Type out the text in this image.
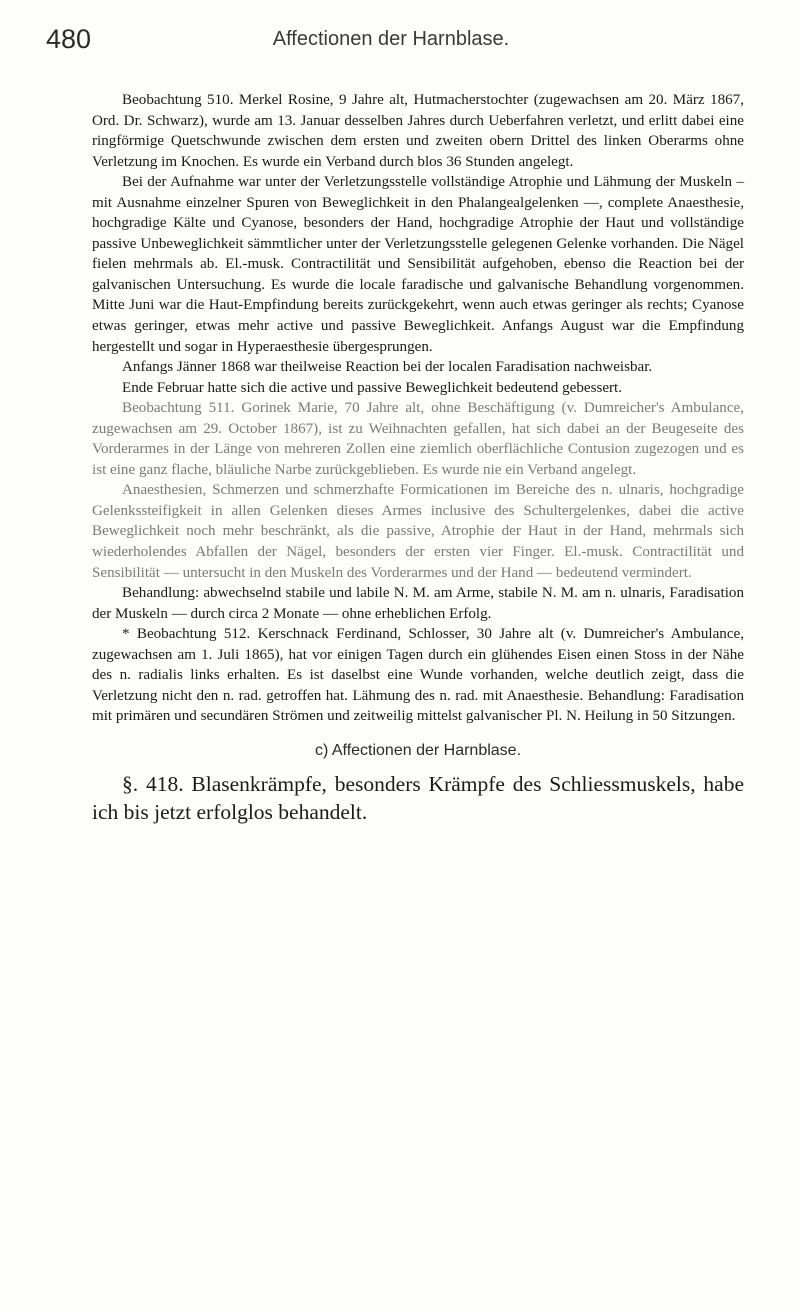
480	Affectionen der Harnblase.

Beobachtung 510. Merkel Rosine, 9 Jahre alt, Hutmacherstochter (zugewachsen am 20. März 1867, Ord. Dr. Schwarz), wurde am 13. Januar desselben Jahres durch Ueberfahren verletzt, und erlitt dabei eine ringförmige Quetschwunde zwischen dem ersten und zweiten obern Drittel des linken Oberarms ohne Verletzung im Knochen. Es wurde ein Verband durch blos 36 Stunden angelegt.

Bei der Aufnahme war unter der Verletzungsstelle vollständige Atrophie und Lähmung der Muskeln – mit Ausnahme einzelner Spuren von Beweglichkeit in den Phalangealgelenken —, complete Anaesthesie, hochgradige Kälte und Cyanose, besonders der Hand, hochgradige Atrophie der Haut und vollständige passive Unbeweglichkeit sämmtlicher unter der Verletzungsstelle gelegenen Gelenke vorhanden. Die Nägel fielen mehrmals ab. El.-musk. Contractilität und Sensibilität aufgehoben, ebenso die Reaction bei der galvanischen Untersuchung. Es wurde die locale faradische und galvanische Behandlung vorgenommen. Mitte Juni war die Haut-Empfindung bereits zurückgekehrt, wenn auch etwas geringer als rechts; Cyanose etwas geringer, etwas mehr active und passive Beweglichkeit. Anfangs August war die Empfindung hergestellt und sogar in Hyperaesthesie übergesprungen.

Anfangs Jänner 1868 war theilweise Reaction bei der localen Faradisation nachweisbar.

Ende Februar hatte sich die active und passive Beweglichkeit bedeutend gebessert.

Beobachtung 511. Gorinek Marie, 70 Jahre alt, ohne Beschäftigung (v. Dumreicher's Ambulance, zugewachsen am 29. October 1867), ist zu Weihnachten gefallen, hat sich dabei an der Beugeseite des Vorderarmes in der Länge von mehreren Zollen eine ziemlich oberflächliche Contusion zugezogen und es ist eine ganz flache, bläuliche Narbe zurückgeblieben. Es wurde nie ein Verband angelegt.

Anaesthesien, Schmerzen und schmerzhafte Formicationen im Bereiche des n. ulnaris, hochgradige Gelenkssteifigkeit in allen Gelenken dieses Armes inclusive des Schultergelenkes, dabei die active Beweglichkeit noch mehr beschränkt, als die passive, Atrophie der Haut in der Hand, mehrmals sich wiederholendes Abfallen der Nägel, besonders der ersten vier Finger. El.-musk. Contractilität und Sensibilität — untersucht in den Muskeln des Vorderarmes und der Hand — bedeutend vermindert.

Behandlung: abwechselnd stabile und labile N. M. am Arme, stabile N. M. am n. ulnaris, Faradisation der Muskeln — durch circa 2 Monate — ohne erheblichen Erfolg.

* Beobachtung 512. Kerschnack Ferdinand, Schlosser, 30 Jahre alt (v. Dumreicher's Ambulance, zugewachsen am 1. Juli 1865), hat vor einigen Tagen durch ein glühendes Eisen einen Stoss in der Nähe des n. radialis links erhalten. Es ist daselbst eine Wunde vorhanden, welche deutlich zeigt, dass die Verletzung nicht den n. rad. getroffen hat. Lähmung des n. rad. mit Anaesthesie. Behandlung: Faradisation mit primären und secundären Strömen und zeitweilig mittelst galvanischer Pl. N. Heilung in 50 Sitzungen.

c) Affectionen der Harnblase.

§. 418. Blasenkrämpfe, besonders Krämpfe des Schliessmuskels, habe ich bis jetzt erfolglos behandelt.
